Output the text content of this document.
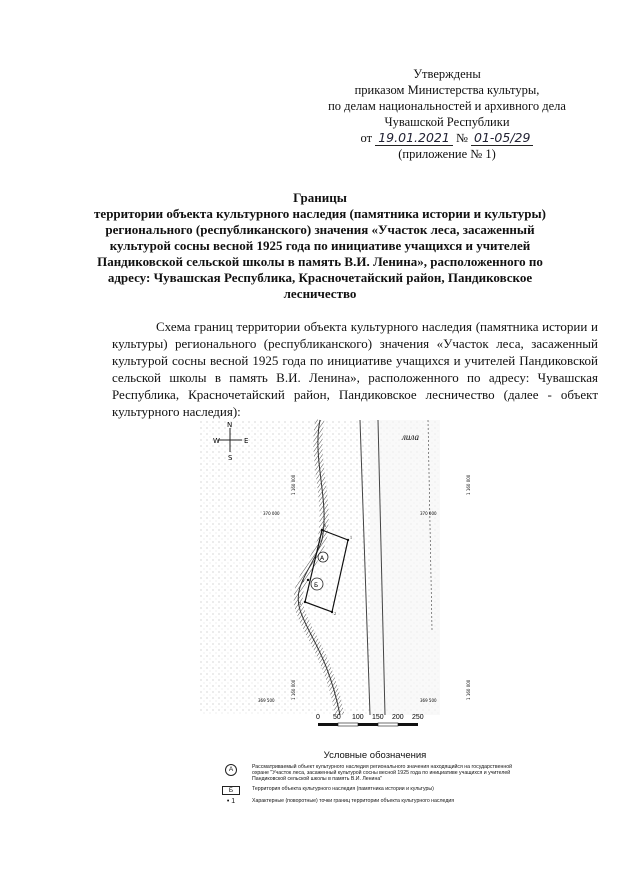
Утверждены
приказом Министерства культуры,
по делам национальностей и архивного дела
Чувашской Республики
от 19.01.2021 № 01-05/29
(приложение № 1)
Границы
территории объекта культурного наследия (памятника истории и культуры) регионального (республиканского) значения «Участок леса, засаженный культурой сосны весной 1925 года по инициативе учащихся и учителей Пандиковской сельской школы в память В.И. Ленина», расположенного по адресу: Чувашская Республика, Красночетайский район, Пандиковское лесничество
Схема границ территории объекта культурного наследия (памятника истории и культуры) регионального (республиканского) значения «Участок леса, засаженный культурой сосны весной 1925 года по инициативе учащихся и учителей Пандиковской сельской школы в память В.И. Ленина», расположенного по адресу: Чувашская Республика, Красночетайский район, Пандиковское лесничество (далее - объект культурного наследия):
W	E
N
S
лила
1 160 000
370 000
1 160 000
370 000
1 160 000
369 500
1 160 000
369 500
А
Б
6
1
2
3
4
0 50 100 150 200 250
Условные обозначения
А	Рассматриваемый объект культурного наследия регионального значения находящийся на государственной охране "Участок леса, засаженный культурой сосны весной 1925 года по инициативе учащихся и учителей Пандиковской сельской школы в память В.И. Ленина"
Б	Территория объекта культурного наследия (памятника истории и культуры)
• 1	Характерные (поворотные) точки границ территории объекта культурного наследия
